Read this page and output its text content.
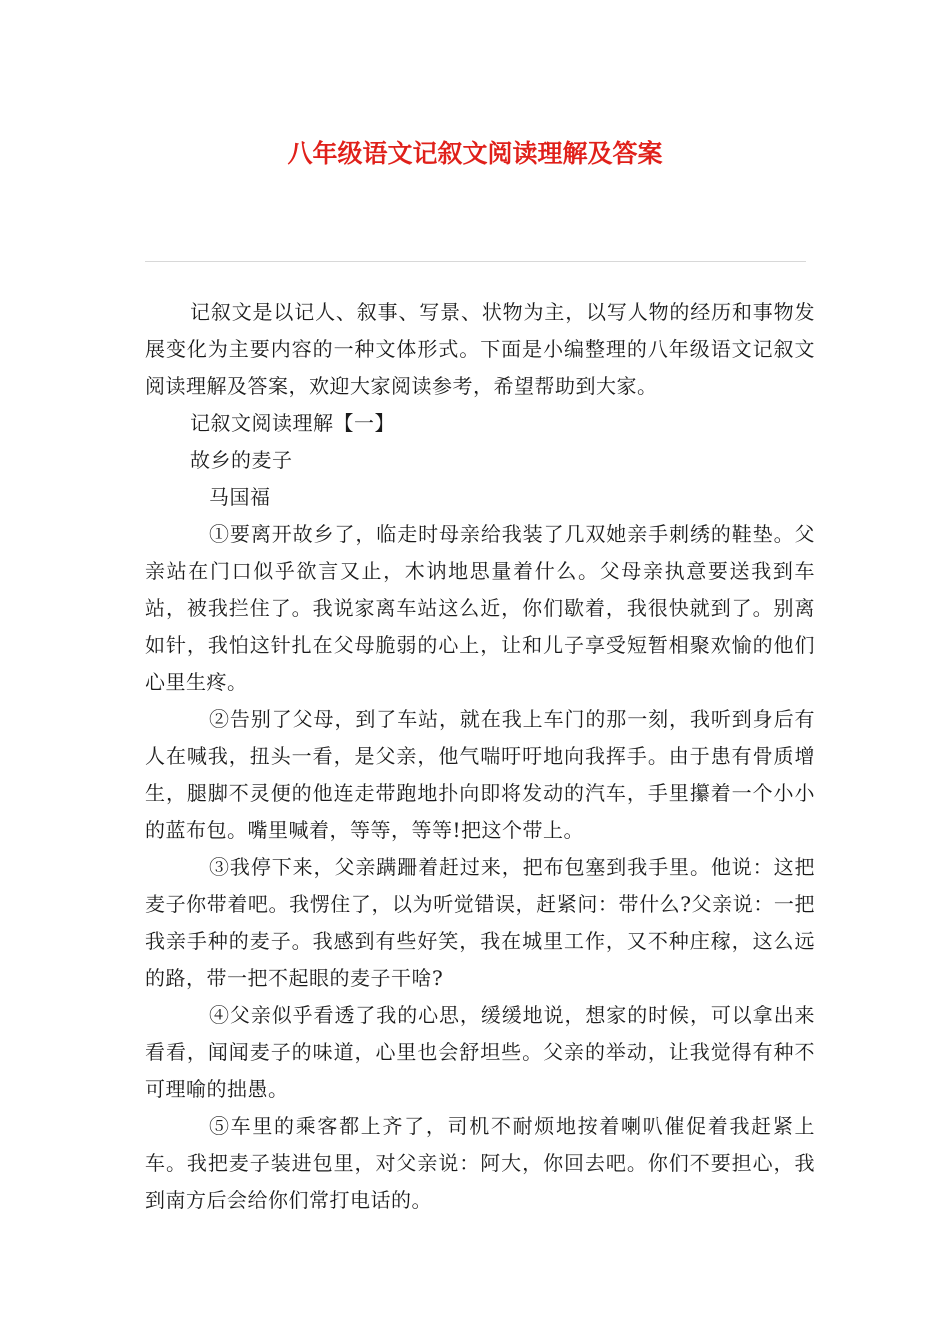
八年级语文记叙文阅读理解及答案

记叙文是以记人、叙事、写景、状物为主，以写人物的经历和事物发展变化为主要内容的一种文体形式。下面是小编整理的八年级语文记叙文阅读理解及答案，欢迎大家阅读参考，希望帮助到大家。

记叙文阅读理解【一】

故乡的麦子

马国福

①要离开故乡了，临走时母亲给我装了几双她亲手刺绣的鞋垫。父亲站在门口似乎欲言又止，木讷地思量着什么。父母亲执意要送我到车站，被我拦住了。我说家离车站这么近，你们歇着，我很快就到了。别离如针，我怕这针扎在父母脆弱的心上，让和儿子享受短暂相聚欢愉的他们心里生疼。

②告别了父母，到了车站，就在我上车门的那一刻，我听到身后有人在喊我，扭头一看，是父亲，他气喘吁吁地向我挥手。由于患有骨质增生，腿脚不灵便的他连走带跑地扑向即将发动的汽车，手里攥着一个小小的蓝布包。嘴里喊着，等等，等等!把这个带上。

③我停下来，父亲蹒跚着赶过来，把布包塞到我手里。他说：这把麦子你带着吧。我愣住了，以为听觉错误，赶紧问：带什么?父亲说：一把我亲手种的麦子。我感到有些好笑，我在城里工作，又不种庄稼，这么远的路，带一把不起眼的麦子干啥?

④父亲似乎看透了我的心思，缓缓地说，想家的时候，可以拿出来看看，闻闻麦子的味道，心里也会舒坦些。父亲的举动，让我觉得有种不可理喻的拙愚。

⑤车里的乘客都上齐了，司机不耐烦地按着喇叭催促着我赶紧上车。我把麦子装进包里，对父亲说：阿大，你回去吧。你们不要担心，我到南方后会给你们常打电话的。
